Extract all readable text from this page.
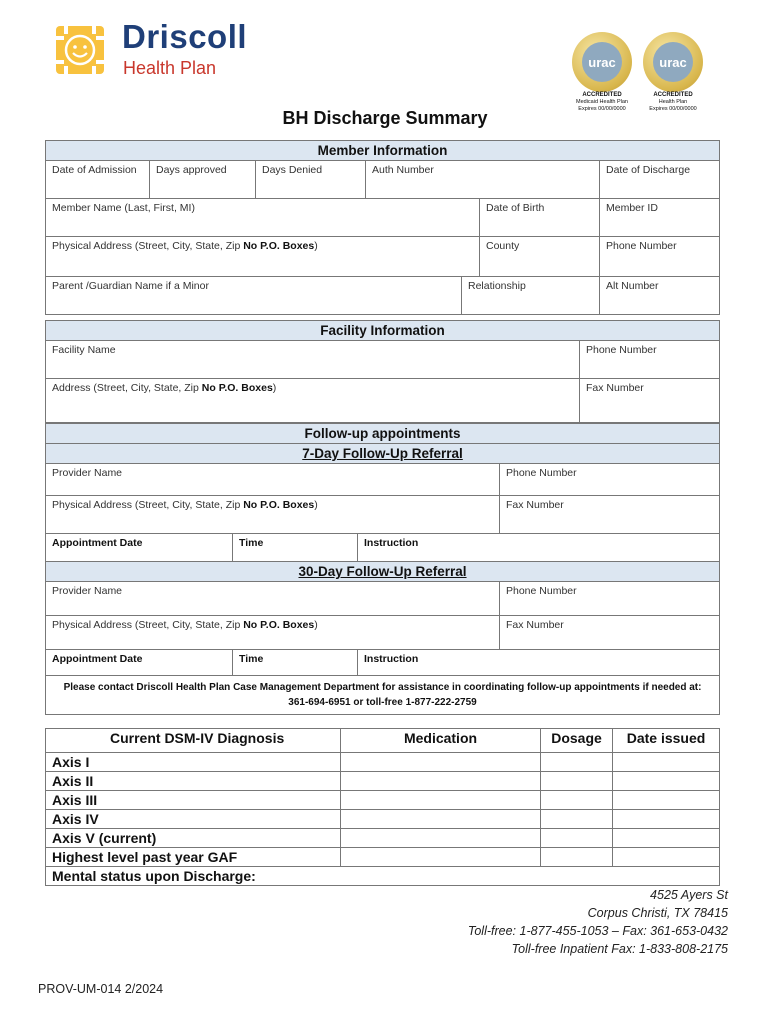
Driscoll
Health Plan	urac
ACCREDITED
Medicaid Health Plan
Expires 00/00/0000
urac
ACCREDITED
Health Plan
Expires 00/00/0000
BH Discharge Summary
Member Information						
Date of Admission	Days approved	Days Denied	Auth Number			Date of Discharge
Member Name (Last, First, MI)					Date of Birth	Member ID
Physical Address (Street, City, State, Zip No P.O. Boxes)					County	Phone Number
Parent /Guardian Name if a Minor				Relationship		Alt Number
Facility Information	
Facility Name	Phone Number
Address (Street, City, State, Zip No P.O. Boxes)	Fax Number
Follow-up appointments			
7-Day Follow-Up Referral			
Provider Name			Phone Number
Physical Address (Street, City, State, Zip No P.O. Boxes)			Fax Number
Appointment Date	Time	Instruction	
30-Day Follow-Up Referral			
Provider Name			Phone Number
Physical Address (Street, City, State, Zip No P.O. Boxes)			Fax Number
Appointment Date	Time	Instruction	
Please contact Driscoll Health Plan Case Management Department for assistance in coordinating follow-up appointments if needed at:
361-694-6951 or toll-free 1-877-222-2759			
Current DSM-IV Diagnosis	Medication	Dosage	Date issued
Axis I			
Axis II			
Axis III			
Axis IV			
Axis V (current)			
Highest level past year GAF			
Mental status upon Discharge:			
4525 Ayers St
Corpus Christi, TX 78415
Toll-free: 1-877-455-1053 – Fax: 361-653-0432
Toll-free Inpatient Fax: 1-833-808-2175
PROV-UM-014 2/2024
